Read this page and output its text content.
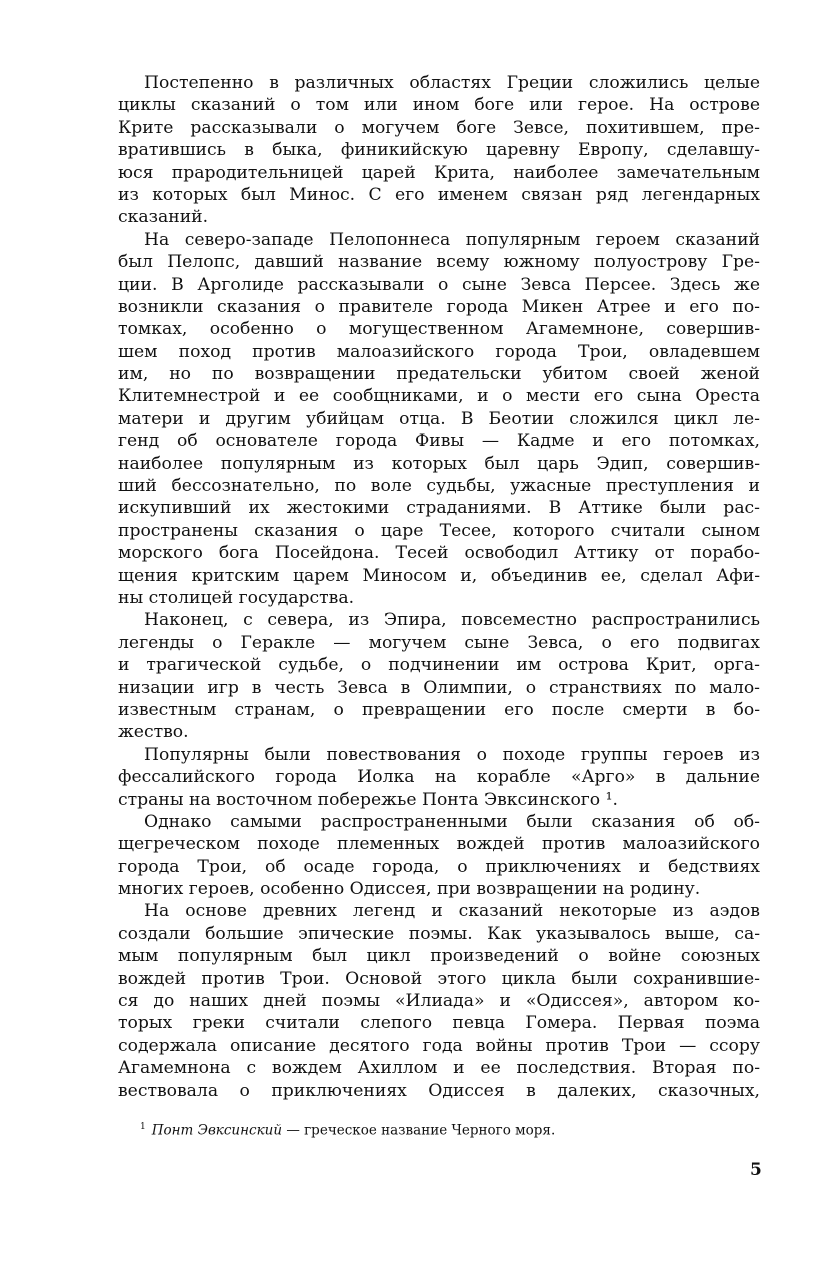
Постепенно в различных областях Греции сложились целые
циклы сказаний о том или ином боге или герое. На острове
Крите рассказывали о могучем боге Зевсе, похитившем, пре-
вратившись в быка, финикийскую царевну Европу, сделавшу-
юся прародительницей царей Крита, наиболее замечательным
из которых был Минос. С его именем связан ряд легендарных
сказаний.
На северо-западе Пелопоннеса популярным героем сказаний
был Пелопс, давший название всему южному полуострову Гре-
ции. В Арголиде рассказывали о сыне Зевса Персее. Здесь же
возникли сказания о правителе города Микен Атрее и его по-
томках, особенно о могущественном Агамемноне, совершив-
шем поход против малоазийского города Трои, овладевшем
им, но по возвращении предательски убитом своей женой
Клитемнестрой и ее сообщниками, и о мести его сына Ореста
матери и другим убийцам отца. В Беотии сложился цикл ле-
генд об основателе города Фивы — Кадме и его потомках,
наиболее популярным из которых был царь Эдип, совершив-
ший бессознательно, по воле судьбы, ужасные преступления и
искупивший их жестокими страданиями. В Аттике были рас-
пространены сказания о царе Тесее, которого считали сыном
морского бога Посейдона. Тесей освободил Аттику от порабо-
щения критским царем Миносом и, объединив ее, сделал Афи-
ны столицей государства.
Наконец, с севера, из Эпира, повсеместно распространились
легенды о Геракле — могучем сыне Зевса, о его подвигах
и трагической судьбе, о подчинении им острова Крит, орга-
низации игр в честь Зевса в Олимпии, о странствиях по мало-
известным странам, о превращении его после смерти в бо-
жество.
Популярны были повествования о походе группы героев из
фессалийского города Иолка на корабле «Арго» в дальние
страны на восточном побережье Понта Эвксинского ¹.
Однако самыми распространенными были сказания об об-
щегреческом походе племенных вождей против малоазийского
города Трои, об осаде города, о приключениях и бедствиях
многих героев, особенно Одиссея, при возвращении на родину.
На основе древних легенд и сказаний некоторые из аэдов
создали большие эпические поэмы. Как указывалось выше, са-
мым популярным был цикл произведений о войне союзных
вождей против Трои. Основой этого цикла были сохранившие-
ся до наших дней поэмы «Илиада» и «Одиссея», автором ко-
торых греки считали слепого певца Гомера. Первая поэма
содержала описание десятого года войны против Трои — ссору
Агамемнона с вождем Ахиллом и ее последствия. Вторая по-
вествовала о приключениях Одиссея в далеких, сказочных,
$^1$ Понт Эвксинский — греческое название Черного моря.
5
